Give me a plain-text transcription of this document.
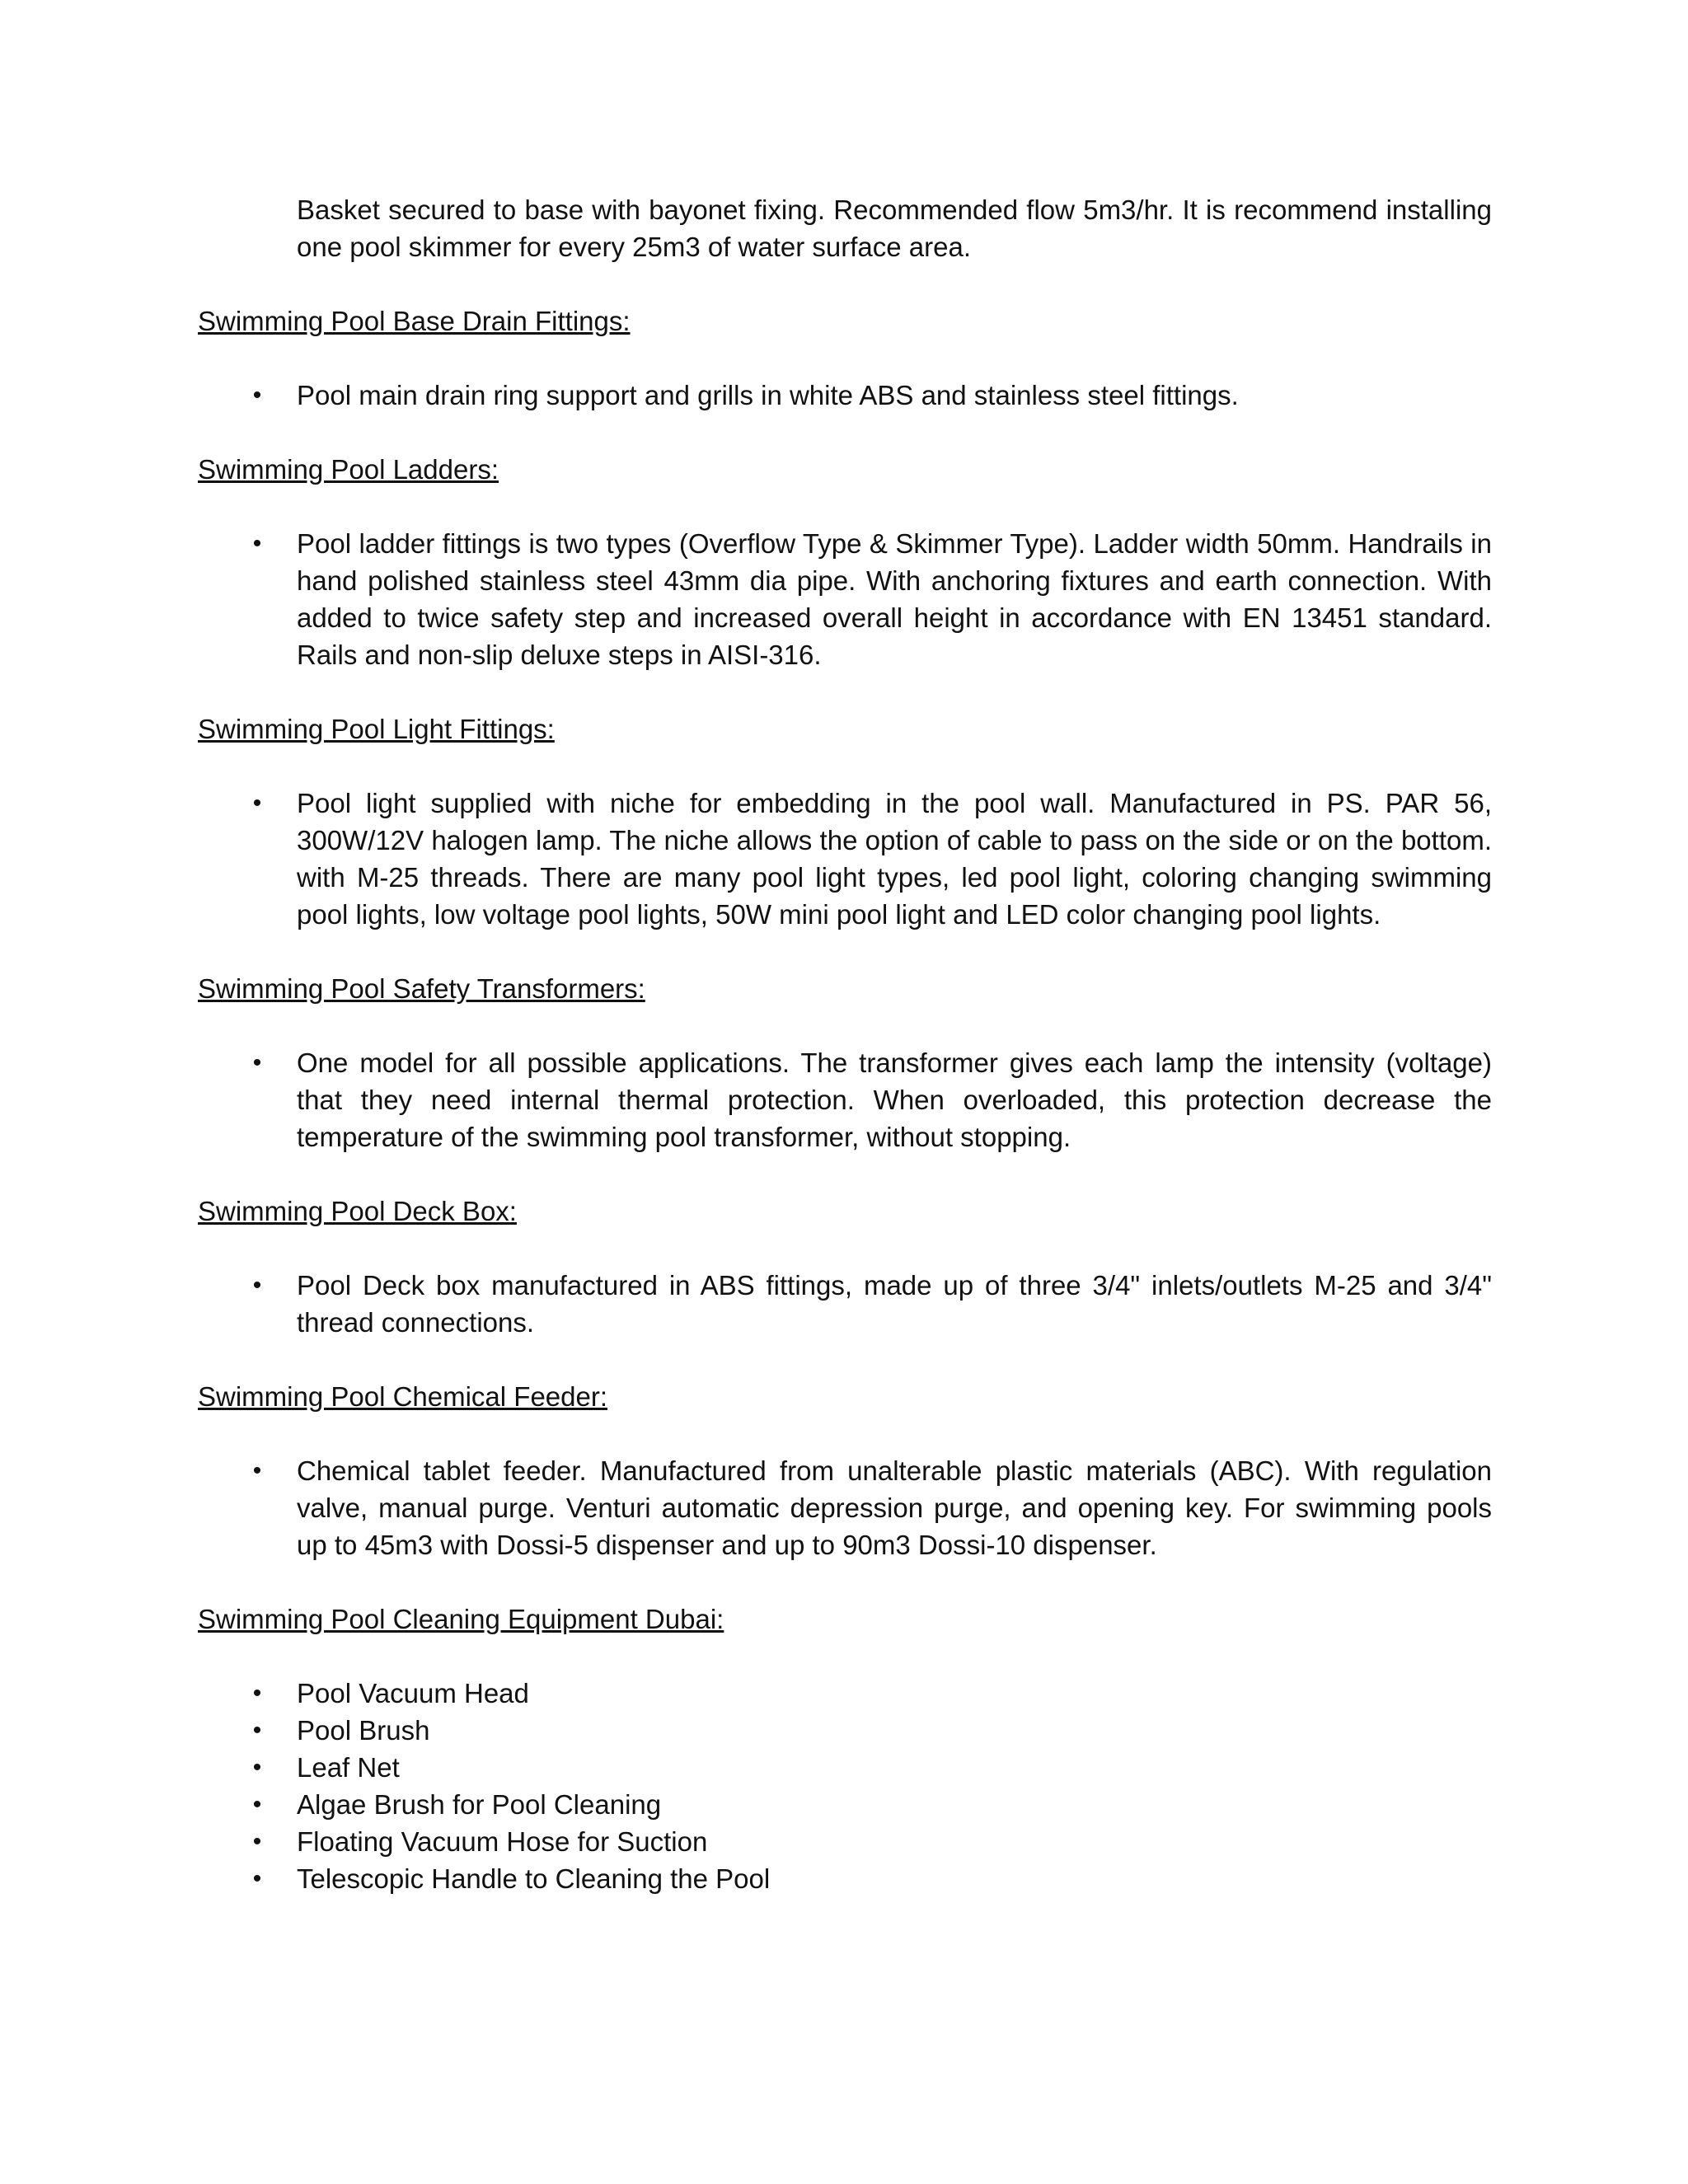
Basket secured to base with bayonet fixing. Recommended flow 5m3/hr. It is recommend installing one pool skimmer for every 25m3 of water surface area.
Swimming Pool Base Drain Fittings:
• Pool main drain ring support and grills in white ABS and stainless steel fittings.
Swimming Pool Ladders:
• Pool ladder fittings is two types (Overflow Type & Skimmer Type). Ladder width 50mm. Handrails in hand polished stainless steel 43mm dia pipe. With anchoring fixtures and earth connection. With added to twice safety step and increased overall height in accordance with EN 13451 standard. Rails and non-slip deluxe steps in AISI-316.
Swimming Pool Light Fittings:
• Pool light supplied with niche for embedding in the pool wall. Manufactured in PS. PAR 56, 300W/12V halogen lamp. The niche allows the option of cable to pass on the side or on the bottom. with M-25 threads. There are many pool light types, led pool light, coloring changing swimming pool lights, low voltage pool lights, 50W mini pool light and LED color changing pool lights.
Swimming Pool Safety Transformers:
• One model for all possible applications. The transformer gives each lamp the intensity (voltage) that they need internal thermal protection. When overloaded, this protection decrease the temperature of the swimming pool transformer, without stopping.
Swimming Pool Deck Box:
• Pool Deck box manufactured in ABS fittings, made up of three 3/4" inlets/outlets M-25 and 3/4" thread connections.
Swimming Pool Chemical Feeder:
• Chemical tablet feeder. Manufactured from unalterable plastic materials (ABC). With regulation valve, manual purge. Venturi automatic depression purge, and opening key. For swimming pools up to 45m3 with Dossi-5 dispenser and up to 90m3 Dossi-10 dispenser.
Swimming Pool Cleaning Equipment Dubai:
• Pool Vacuum Head
• Pool Brush
• Leaf Net
• Algae Brush for Pool Cleaning
• Floating Vacuum Hose for Suction
• Telescopic Handle to Cleaning the Pool
